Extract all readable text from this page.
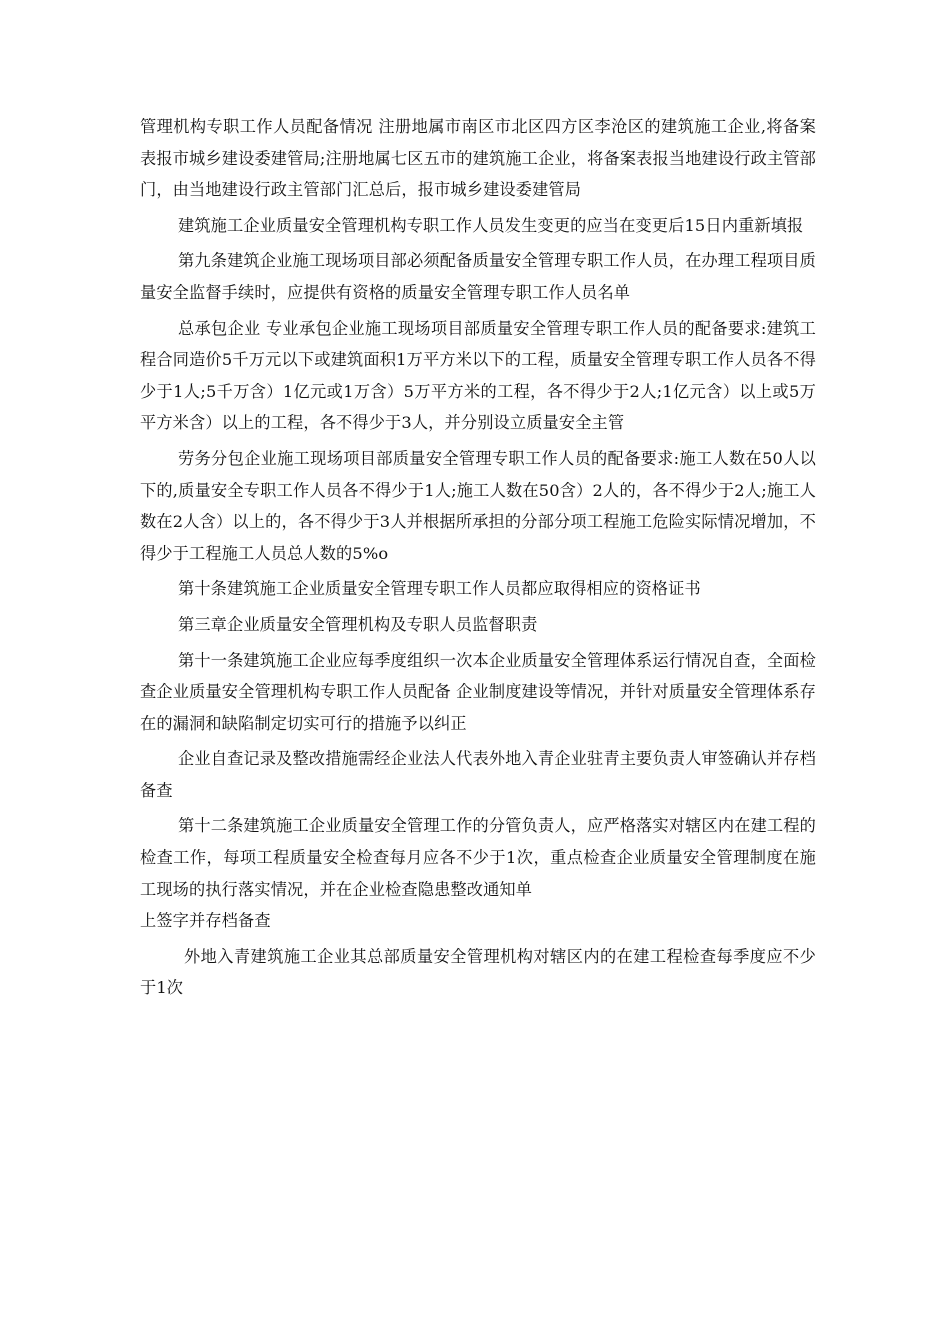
管理机构专职工作人员配备情况 注册地属市南区市北区四方区李沧区的建筑施工企业,将备案表报市城乡建设委建管局;注册地属七区五市的建筑施工企业，将备案表报当地建设行政主管部门，由当地建设行政主管部门汇总后，报市城乡建设委建管局

建筑施工企业质量安全管理机构专职工作人员发生变更的应当在变更后15日内重新填报

第九条建筑企业施工现场项目部必须配备质量安全管理专职工作人员，在办理工程项目质量安全监督手续时，应提供有资格的质量安全管理专职工作人员名单

总承包企业 专业承包企业施工现场项目部质量安全管理专职工作人员的配备要求:建筑工程合同造价5千万元以下或建筑面积1万平方米以下的工程，质量安全管理专职工作人员各不得少于1人;5千万含）1亿元或1万含）5万平方米的工程，各不得少于2人;1亿元含）以上或5万平方米含）以上的工程，各不得少于3人，并分别设立质量安全主管

劳务分包企业施工现场项目部质量安全管理专职工作人员的配备要求:施工人数在50人以下的,质量安全专职工作人员各不得少于1人;施工人数在50含）2人的，各不得少于2人;施工人数在2人含）以上的，各不得少于3人并根据所承担的分部分项工程施工危险实际情况增加，不得少于工程施工人员总人数的5%o

第十条建筑施工企业质量安全管理专职工作人员都应取得相应的资格证书

第三章企业质量安全管理机构及专职人员监督职责

第十一条建筑施工企业应每季度组织一次本企业质量安全管理体系运行情况自查，全面检查企业质量安全管理机构专职工作人员配备 企业制度建设等情况，并针对质量安全管理体系存在的漏洞和缺陷制定切实可行的措施予以纠正

企业自查记录及整改措施需经企业法人代表外地入青企业驻青主要负责人审签确认并存档备查

第十二条建筑施工企业质量安全管理工作的分管负责人，应严格落实对辖区内在建工程的检查工作，每项工程质量安全检查每月应各不少于1次，重点检查企业质量安全管理制度在施工现场的执行落实情况，并在企业检查隐患整改通知单

上签字并存档备查

外地入青建筑施工企业其总部质量安全管理机构对辖区内的在建工程检查每季度应不少于1次
